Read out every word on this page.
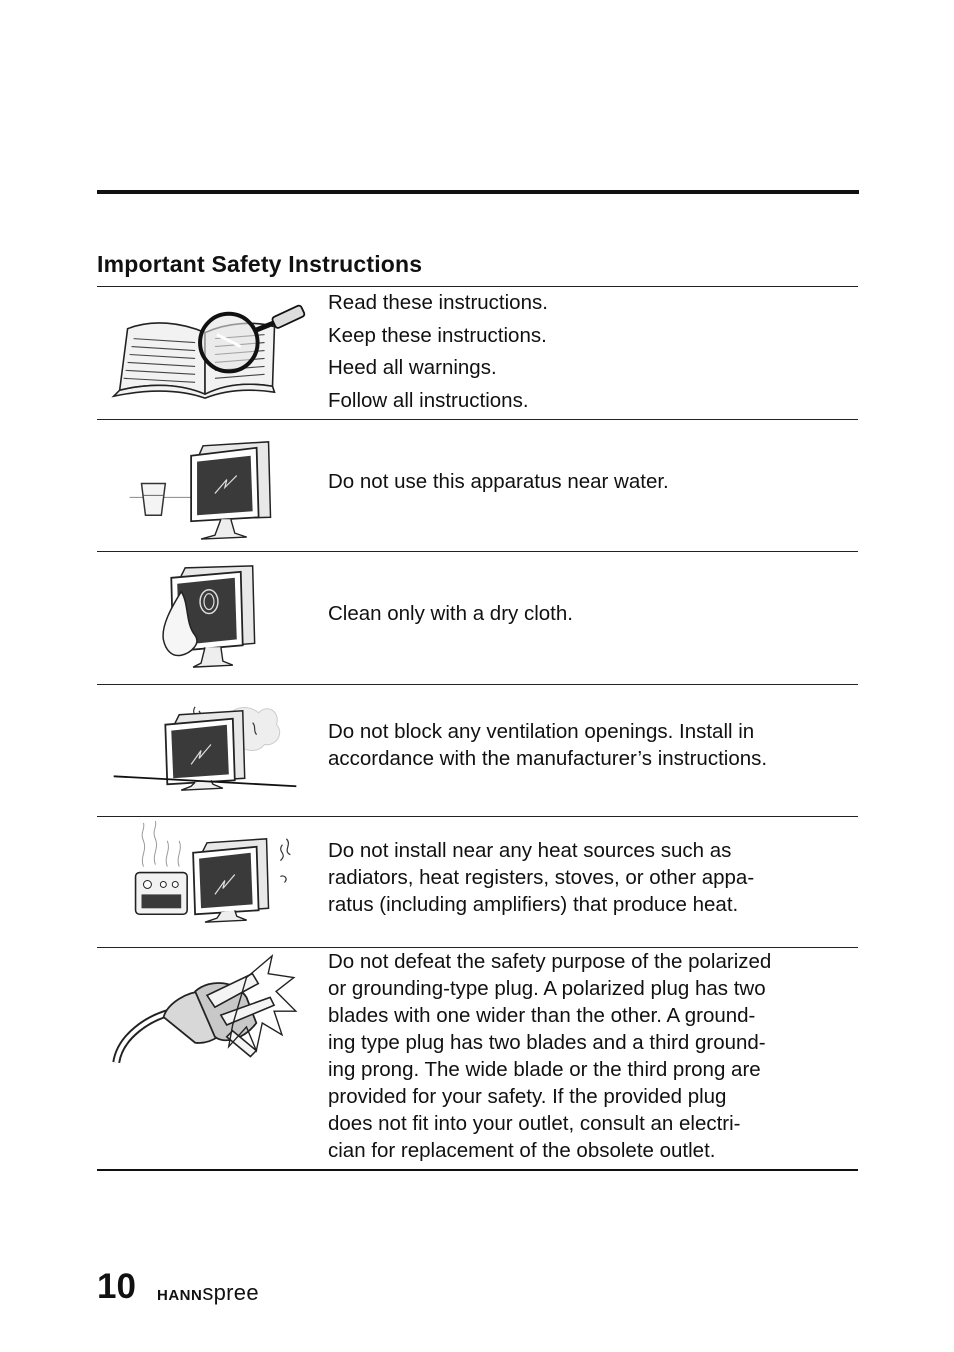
Important Safety Instructions

Read these instructions.

Keep these instructions.

Heed all warnings.

Follow all instructions.

Do not use this apparatus near water.

Clean only with a dry cloth.

Do not block any ventilation openings. Install in

accordance with the manufacturer’s instructions.

Do not install near any heat sources such as

radiators, heat registers, stoves, or other appa-

ratus (including amplifiers) that produce heat.

Do not defeat the safety purpose of the polarized

or grounding-type plug. A polarized plug has two

blades with one wider than the other. A ground-

ing type plug has two blades and a third ground-

ing prong. The wide blade or the third prong are

provided for your safety. If the provided plug

does not fit into your outlet, consult an electri-

cian for replacement of the obsolete outlet.

10 HANNspree
